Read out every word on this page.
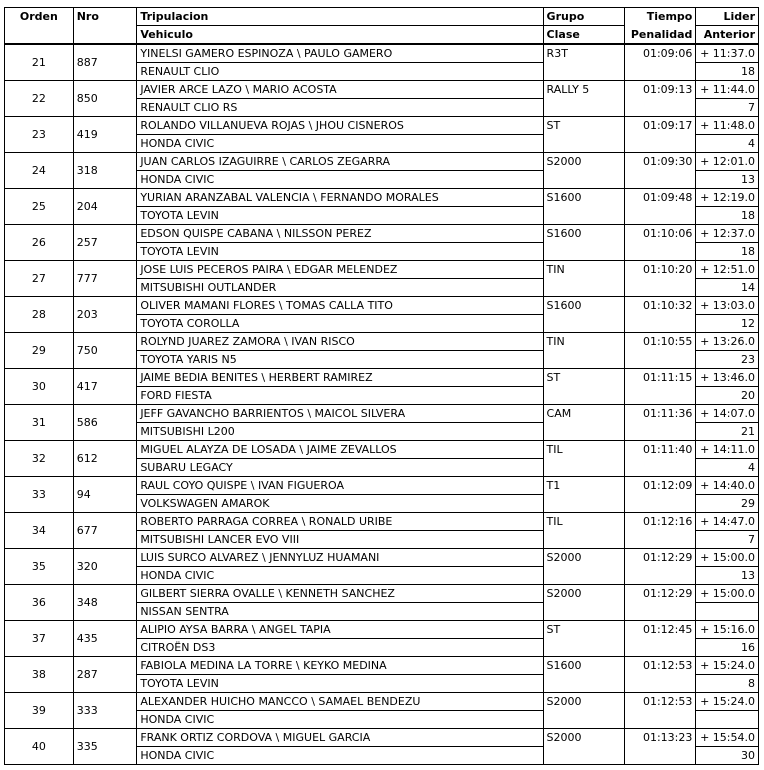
Orden	Nro	Tripulacion	Grupo	Tiempo	Lider
		Vehiculo	Clase	Penalidad	Anterior
21	887	YINELSI GAMERO ESPINOZA \ PAULO GAMERO	R3T	01:09:06	+ 11:37.0
		RENAULT CLIO			18
22	850	JAVIER ARCE LAZO \ MARIO ACOSTA	RALLY 5	01:09:13	+ 11:44.0
		RENAULT CLIO RS			7
23	419	ROLANDO VILLANUEVA ROJAS \ JHOU CISNEROS	ST	01:09:17	+ 11:48.0
		HONDA CIVIC			4
24	318	JUAN CARLOS IZAGUIRRE \ CARLOS ZEGARRA	S2000	01:09:30	+ 12:01.0
		HONDA CIVIC			13
25	204	YURIAN ARANZABAL VALENCIA \ FERNANDO MORALES	S1600	01:09:48	+ 12:19.0
		TOYOTA LEVIN			18
26	257	EDSON QUISPE CABANA \ NILSSON PEREZ	S1600	01:10:06	+ 12:37.0
		TOYOTA LEVIN			18
27	777	JOSE LUIS PECEROS PAIRA \ EDGAR MELENDEZ	TIN	01:10:20	+ 12:51.0
		MITSUBISHI OUTLANDER			14
28	203	OLIVER MAMANI FLORES \ TOMAS CALLA TITO	S1600	01:10:32	+ 13:03.0
		TOYOTA COROLLA			12
29	750	ROLYND JUAREZ ZAMORA \ IVAN RISCO	TIN	01:10:55	+ 13:26.0
		TOYOTA YARIS N5			23
30	417	JAIME BEDIA BENITES \ HERBERT RAMIREZ	ST	01:11:15	+ 13:46.0
		FORD FIESTA			20
31	586	JEFF GAVANCHO BARRIENTOS \ MAICOL SILVERA	CAM	01:11:36	+ 14:07.0
		MITSUBISHI L200			21
32	612	MIGUEL ALAYZA DE LOSADA \ JAIME ZEVALLOS	TIL	01:11:40	+ 14:11.0
		SUBARU LEGACY			4
33	94	RAUL COYO QUISPE \ IVAN FIGUEROA	T1	01:12:09	+ 14:40.0
		VOLKSWAGEN AMAROK			29
34	677	ROBERTO PARRAGA CORREA \ RONALD URIBE	TIL	01:12:16	+ 14:47.0
		MITSUBISHI LANCER EVO VIII			7
35	320	LUIS SURCO ALVAREZ \ JENNYLUZ HUAMANI	S2000	01:12:29	+ 15:00.0
		HONDA CIVIC			13
36	348	GILBERT SIERRA OVALLE \ KENNETH SANCHEZ	S2000	01:12:29	+ 15:00.0
		NISSAN SENTRA			
37	435	ALIPIO AYSA BARRA \ ANGEL TAPIA	ST	01:12:45	+ 15:16.0
		CITROËN DS3			16
38	287	FABIOLA MEDINA LA TORRE \ KEYKO MEDINA	S1600	01:12:53	+ 15:24.0
		TOYOTA LEVIN			8
39	333	ALEXANDER HUICHO MANCCO \ SAMAEL BENDEZU	S2000	01:12:53	+ 15:24.0
		HONDA CIVIC			
40	335	FRANK ORTIZ CORDOVA \ MIGUEL GARCIA	S2000	01:13:23	+ 15:54.0
		HONDA CIVIC			30
